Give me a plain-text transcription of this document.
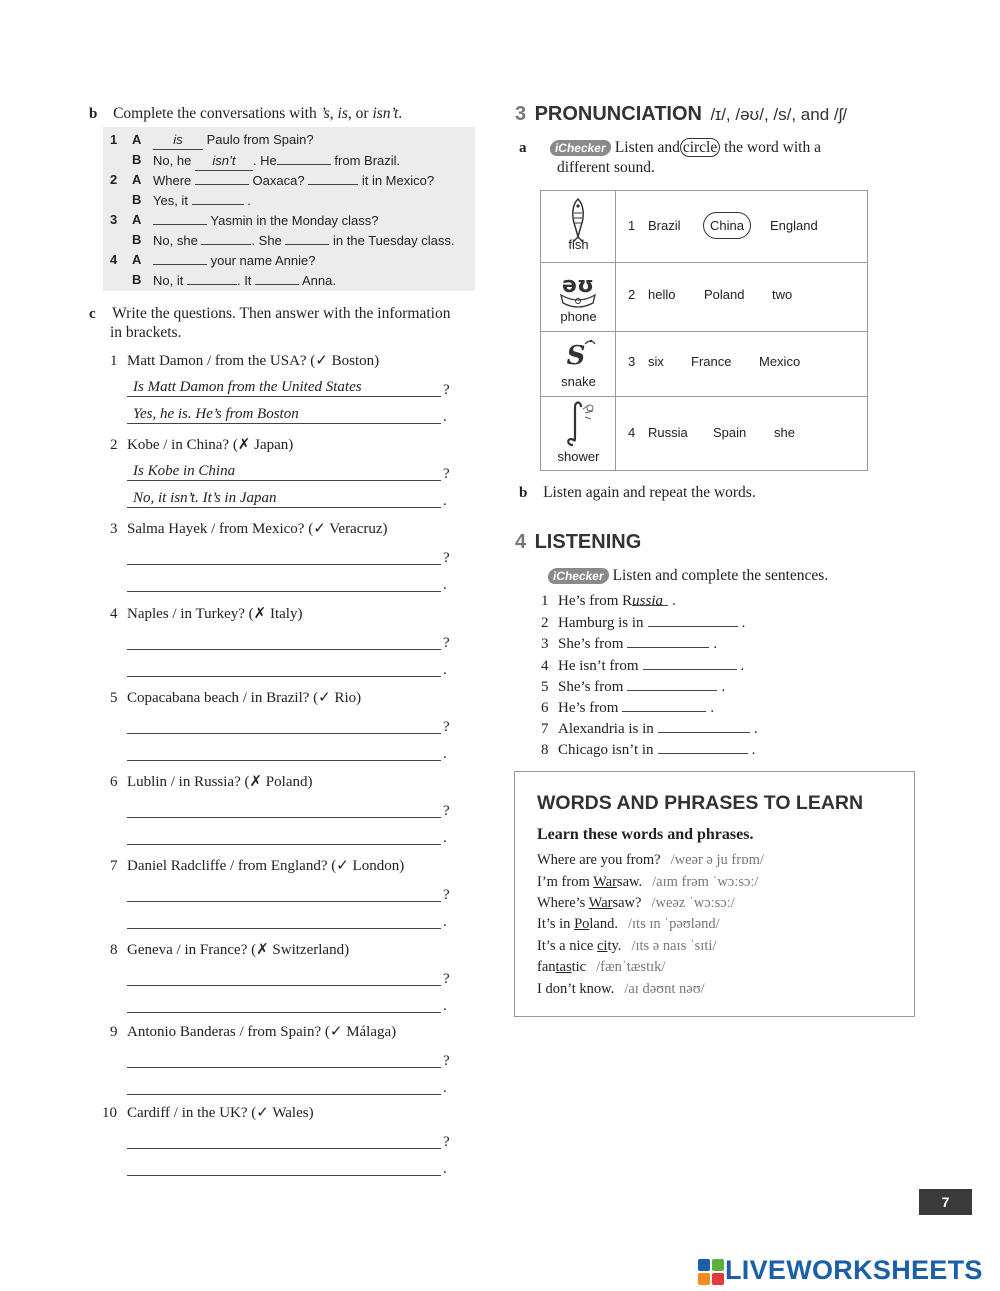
b Complete the conversations with ’s, is, or isn’t.
1 A	is Paulo from Spain?
B No, he isn’t . He	from Brazil.
2 A Where	Oaxaca?	it in Mexico?
B Yes, it	.
3 A	Yasmin in the Monday class?
B No, she	. She	in the Tuesday class.
4 A	your name Annie?
B No, it	. It	Anna.
c Write the questions. Then answer with the information
in brackets.
1 Matt Damon / from the USA? (✓ Boston)
Is Matt Damon from the United States	?
Yes, he is. He’s from Boston	.
2 Kobe / in China? (✗ Japan)
Is Kobe in China	?
No, it isn’t. It’s in Japan	.
3 Salma Hayek / from Mexico? (✓ Veracruz)
?
.
4 Naples / in Turkey? (✗ Italy)
?
.
5 Copacabana beach / in Brazil? (✓ Rio)
?
.
6 Lublin / in Russia? (✗ Poland)
?
.
7 Daniel Radcliffe / from England? (✓ London)
?
.
8 Geneva / in France? (✗ Switzerland)
?
.
9 Antonio Banderas / from Spain? (✓ Málaga)
?
.
10 Cardiff / in the UK? (✓ Wales)
?
.
3 PRONUNCIATION /ɪ/, /əʊ/, /s/, and /ʃ/
a iChecker Listen and circle the word with a
different sound.
fish
1 Brazil	China	England
əʊ
phone
2 hello Poland two
S
snake
3 six France Mexico
shower
4 Russia Spain she
b Listen again and repeat the words.
4 LISTENING
iChecker Listen and complete the sentences.
1 He’s from Russia .
2 Hamburg is in	.
3 She’s from	.
4 He isn’t from	.
5 She’s from	.
6 He’s from	.
7 Alexandria is in	.
8 Chicago isn’t in	.
WORDS AND PHRASES TO LEARN
Learn these words and phrases.
Where are you from? /weər ə ju frɒm/
I’m from Warsaw. /aɪm frəm ˈwɔːsɔː/
Where’s Warsaw? /weəz ˈwɔːsɔː/
It’s in Poland. /ɪts ɪn ˈpəʊlənd/
It’s a nice city. /ɪts ə naɪs ˈsɪti/
fantastic /fænˈtæstɪk/
I don’t know. /aɪ dəʊnt nəʊ/
7
LIVEWORKSHEETS
